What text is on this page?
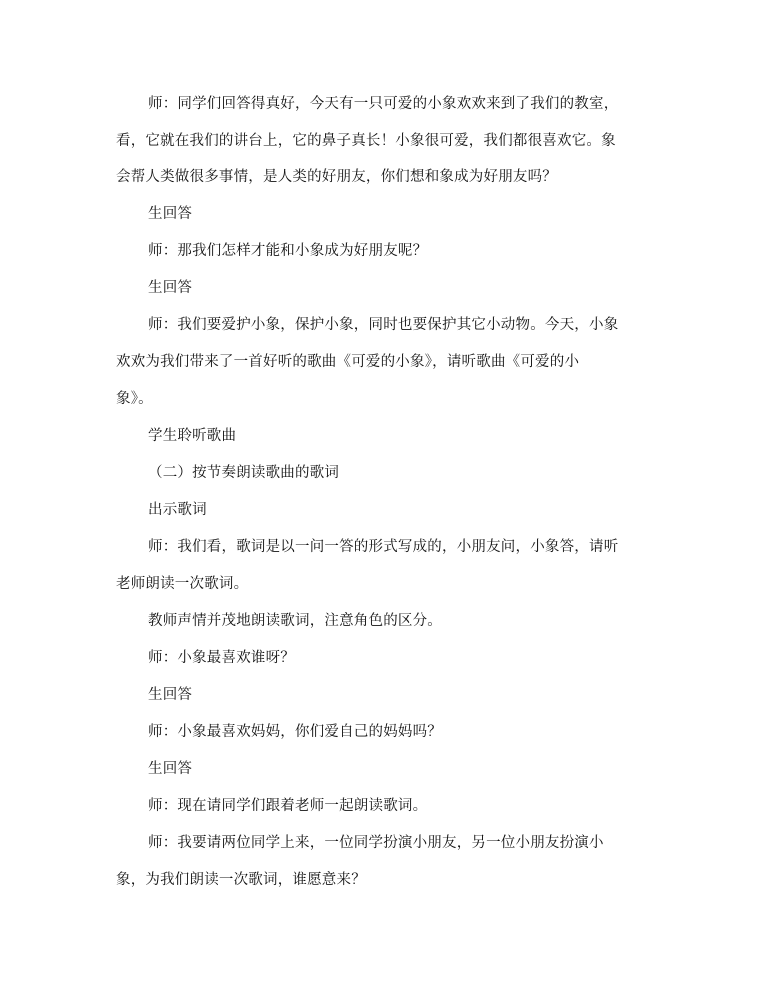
师：同学们回答得真好，今天有一只可爱的小象欢欢来到了我们的教室，
看，它就在我们的讲台上，它的鼻子真长！小象很可爱，我们都很喜欢它。象
会帮人类做很多事情，是人类的好朋友，你们想和象成为好朋友吗？
生回答
师：那我们怎样才能和小象成为好朋友呢？
生回答
师：我们要爱护小象，保护小象，同时也要保护其它小动物。今天，小象
欢欢为我们带来了一首好听的歌曲《可爱的小象》，请听歌曲《可爱的小
象》。
学生聆听歌曲
（二）按节奏朗读歌曲的歌词
出示歌词
师：我们看，歌词是以一问一答的形式写成的，小朋友问，小象答，请听
老师朗读一次歌词。
教师声情并茂地朗读歌词，注意角色的区分。
师：小象最喜欢谁呀？
生回答
师：小象最喜欢妈妈，你们爱自己的妈妈吗？
生回答
师：现在请同学们跟着老师一起朗读歌词。
师：我要请两位同学上来，一位同学扮演小朋友，另一位小朋友扮演小
象，为我们朗读一次歌词，谁愿意来？
